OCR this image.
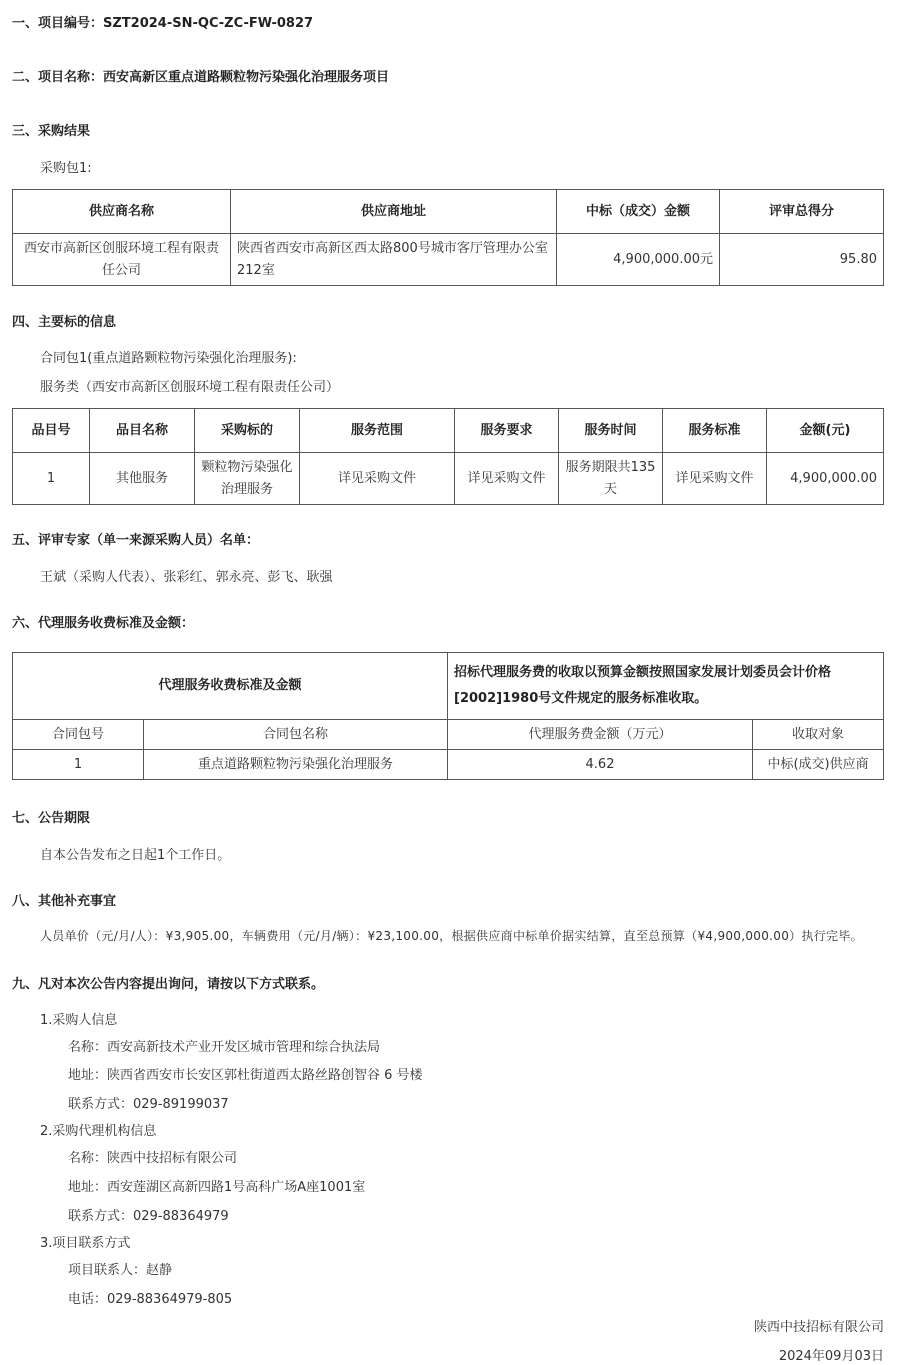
一、项目编号：SZT2024-SN-QC-ZC-FW-0827
二、项目名称：西安高新区重点道路颗粒物污染强化治理服务项目
三、采购结果
采购包1:
供应商名称	供应商地址	中标（成交）金额	评审总得分
西安市高新区创服环境工程有限责任公司	陕西省西安市高新区西太路800号城市客厅管理办公室212室	4,900,000.00元	95.80
四、主要标的信息
合同包1(重点道路颗粒物污染强化治理服务):
服务类（西安市高新区创服环境工程有限责任公司）
品目号	品目名称	采购标的	服务范围	服务要求	服务时间	服务标准	金额(元)
1	其他服务	颗粒物污染强化治理服务	详见采购文件	详见采购文件	服务期限共135天	详见采购文件	4,900,000.00
五、评审专家（单一来源采购人员）名单：
王斌（采购人代表）、张彩红、郭永亮、彭飞、耿强
六、代理服务收费标准及金额：
代理服务收费标准及金额		招标代理服务费的收取以预算金额按照国家发展计划委员会计价格[2002]1980号文件规定的服务标准收取。	
合同包号	合同包名称	代理服务费金额（万元）	收取对象
1	重点道路颗粒物污染强化治理服务	4.62	中标(成交)供应商
七、公告期限
自本公告发布之日起1个工作日。
八、其他补充事宜
人员单价（元/月/人）：¥3,905.00，车辆费用（元/月/辆）：¥23,100.00，根据供应商中标单价据实结算，直至总预算（¥4,900,000.00）执行完毕。
九、凡对本次公告内容提出询问，请按以下方式联系。
1.采购人信息
名称：西安高新技术产业开发区城市管理和综合执法局
地址：陕西省西安市长安区郭杜街道西太路丝路创智谷 6 号楼
联系方式：029-89199037
2.采购代理机构信息
名称：陕西中技招标有限公司
地址：西安莲湖区高新四路1号高科广场A座1001室
联系方式：029-88364979
3.项目联系方式
项目联系人：赵静
电话：029-88364979-805
陕西中技招标有限公司
2024年09月03日
